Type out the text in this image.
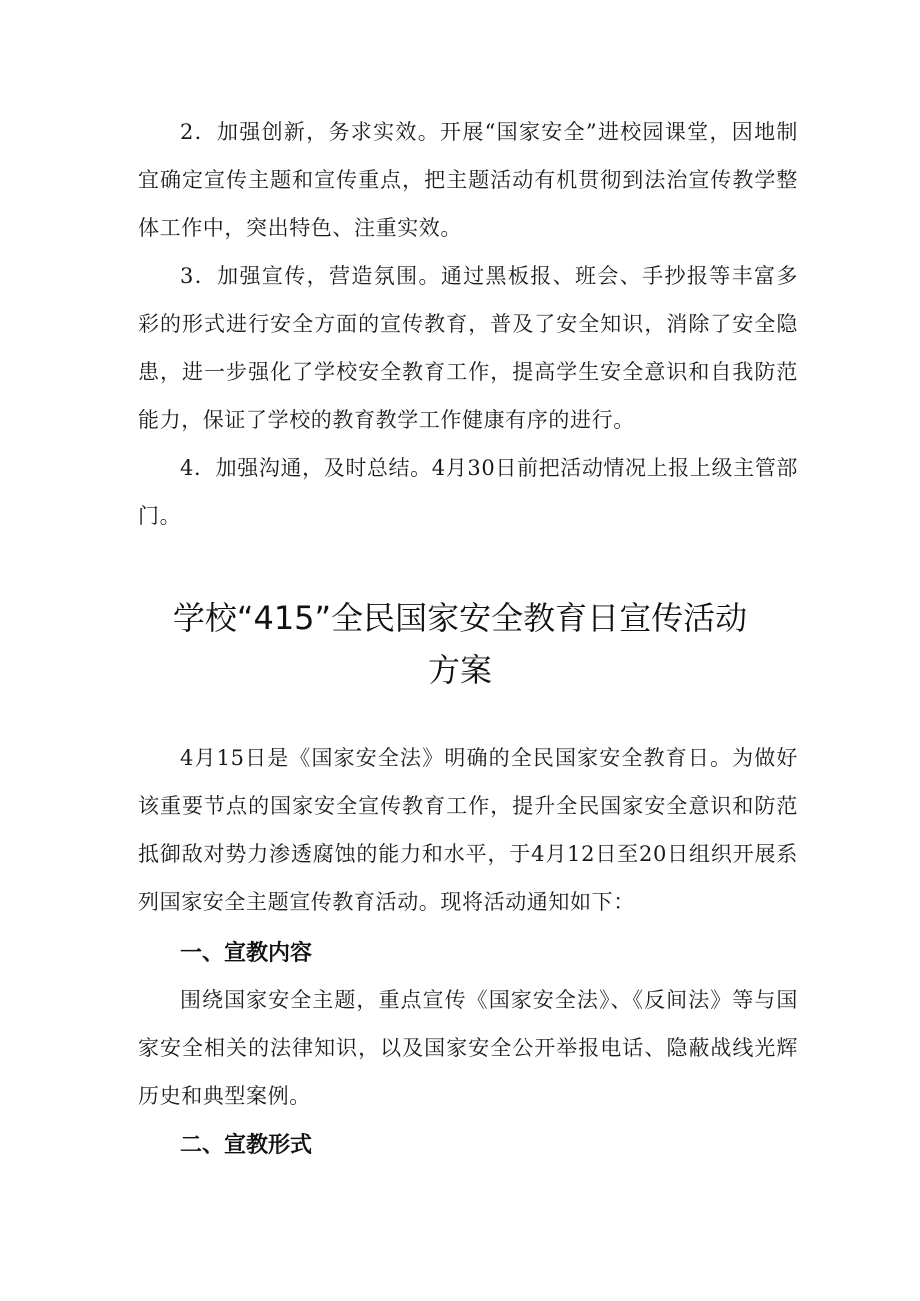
2．加强创新，务求实效。开展“国家安全”进校园课堂，因地制宜确定宣传主题和宣传重点，把主题活动有机贯彻到法治宣传教学整体工作中，突出特色、注重实效。

3．加强宣传，营造氛围。通过黑板报、班会、手抄报等丰富多彩的形式进行安全方面的宣传教育，普及了安全知识，消除了安全隐患，进一步强化了学校安全教育工作，提高学生安全意识和自我防范能力，保证了学校的教育教学工作健康有序的进行。

4．加强沟通，及时总结。4月30日前把活动情况上报上级主管部门。

学校“415”全民国家安全教育日宣传活动
方案

4月15日是《国家安全法》明确的全民国家安全教育日。为做好该重要节点的国家安全宣传教育工作，提升全民国家安全意识和防范抵御敌对势力渗透腐蚀的能力和水平，于4月12日至20日组织开展系列国家安全主题宣传教育活动。现将活动通知如下：

一、宣教内容

围绕国家安全主题，重点宣传《国家安全法》、《反间法》等与国家安全相关的法律知识，以及国家安全公开举报电话、隐蔽战线光辉历史和典型案例。

二、宣教形式
